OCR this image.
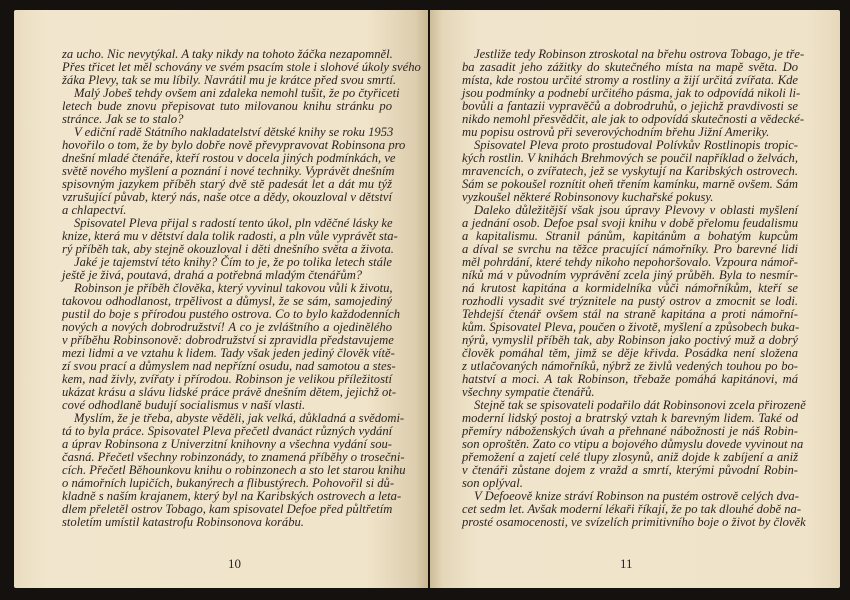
za ucho. Nic nevytýkal. A taky nikdy na tohoto žáčka nezapomněl.
Přes třicet let měl schovány ve svém psacím stole i slohové úkoly svého
žáka Plevy, tak se mu líbily. Navrátil mu je krátce před svou smrtí.
Malý Jobeš tehdy ovšem ani zdaleka nemohl tušit, že po čtyřiceti
letech bude znovu přepisovat tuto milovanou knihu stránku po
stránce. Jak se to stalo?
V ediční radě Státního nakladatelství dětské knihy se roku 1953
hovořilo o tom, že by bylo dobře nově převypravovat Robinsona pro
dnešní mladé čtenáře, kteří rostou v docela jiných podmínkách, ve
světě nového myšlení a poznání i nové techniky. Vyprávět dnešním
spisovným jazykem příběh starý dvě stě padesát let a dát mu týž
vzrušující půvab, který nás, naše otce a dědy, okouzloval v dětství
a chlapectví.
Spisovatel Pleva přijal s radostí tento úkol, pln vděčné lásky ke
knize, která mu v dětství dala tolik radosti, a pln vůle vyprávět sta-
rý příběh tak, aby stejně okouzloval i děti dnešního světa a života.
Jaké je tajemství této knihy? Čím to je, že po tolika letech stále
ještě je živá, poutavá, drahá a potřebná mladým čtenářům?
Robinson je příběh člověka, který vyvinul takovou vůli k životu,
takovou odhodlanost, trpělivost a důmysl, že se sám, samojediný
pustil do boje s přírodou pustého ostrova. Co to bylo každodenních
nových a nových dobrodružství! A co je zvláštního a ojedinělého
v příběhu Robinsonově: dobrodružství si zpravidla představujeme
mezi lidmi a ve vztahu k lidem. Tady však jeden jediný člověk vítě-
zí svou prací a důmyslem nad nepřízní osudu, nad samotou a stes-
kem, nad živly, zvířaty i přírodou. Robinson je velikou příležitostí
ukázat krásu a slávu lidské práce právě dnešním dětem, jejichž ot-
cové odhodlaně budují socialismus v naší vlasti.
Myslím, že je třeba, abyste věděli, jak velká, důkladná a svědomi-
tá to byla práce. Spisovatel Pleva přečetl dvanáct různých vydání
a úprav Robinsona z Univerzitní knihovny a všechna vydání sou-
časná. Přečetl všechny robinzonády, to znamená příběhy o trosečni-
cích. Přečetl Běhounkovu knihu o robinzonech a sto let starou knihu
o námořních lupičích, bukanýrech a flibustýrech. Pohovořil si dů-
kladně s naším krajanem, který byl na Karibských ostrovech a leta-
dlem přeletěl ostrov Tobago, kam spisovatel Defoe před půltřetím
stoletím umístil katastrofu Robinsonova korábu.
10
Jestliže tedy Robinson ztroskotal na břehu ostrova Tobago, je tře-
ba zasadit jeho zážitky do skutečného místa na mapě světa. Do
místa, kde rostou určité stromy a rostliny a žijí určitá zvířata. Kde
jsou podmínky a podnebí určitého pásma, jak to odpovídá nikoli li-
bovůli a fantazii vypravěčů a dobrodruhů, o jejichž pravdivosti se
nikdo nemohl přesvědčit, ale jak to odpovídá skutečnosti a vědecké-
mu popisu ostrovů při severovýchodním břehu Jižní Ameriky.
Spisovatel Pleva proto prostudoval Polívkův Rostlinopis tropic-
kých rostlin. V knihách Brehmových se poučil například o želvách,
mravencích, o zvířatech, jež se vyskytují na Karibských ostrovech.
Sám se pokoušel roznítit oheň třením kamínku, marně ovšem. Sám
vyzkoušel některé Robinsonovy kuchařské pokusy.
Daleko důležitější však jsou úpravy Plevovy v oblasti myšlení
a jednání osob. Defoe psal svoji knihu v době přelomu feudalismu
a kapitalismu. Stranil pánům, kapitánům a bohatým kupcům
a díval se svrchu na těžce pracující námořníky. Pro barevné lidi
měl pohrdání, které tehdy nikoho nepohoršovalo. Vzpoura námoř-
níků má v původním vyprávění zcela jiný průběh. Byla to nesmír-
ná krutost kapitána a kormidelníka vůči námořníkům, kteří se
rozhodli vysadit své trýznitele na pustý ostrov a zmocnit se lodi.
Tehdejší čtenář ovšem stál na straně kapitána a proti námořní-
kům. Spisovatel Pleva, poučen o životě, myšlení a způsobech buka-
nýrů, vymyslil příběh tak, aby Robinson jako poctivý muž a dobrý
člověk pomáhal těm, jimž se děje křivda. Posádka není složena
z utlačovaných námořníků, nýbrž ze živlů vedených touhou po bo-
hatství a moci. A tak Robinson, třebaže pomáhá kapitánovi, má
všechny sympatie čtenářů.
Stejně tak se spisovateli podařilo dát Robinsonovi zcela přirozeně
moderní lidský postoj a bratrský vztah k barevným lidem. Také od
přemíry náboženských úvah a přehnané nábožnosti je náš Robin-
son oproštěn. Zato co vtipu a bojového důmyslu dovede vyvinout na
přemožení a zajetí celé tlupy zlosynů, aniž dojde k zabíjení a aniž
v čtenáři zůstane dojem z vražd a smrtí, kterými původní Robin-
son oplýval.
V Defoeově knize stráví Robinson na pustém ostrově celých dva-
cet sedm let. Avšak moderní lékaři říkají, že po tak dlouhé době na-
prosté osamocenosti, ve svízelích primitivního boje o život by člověk
11
